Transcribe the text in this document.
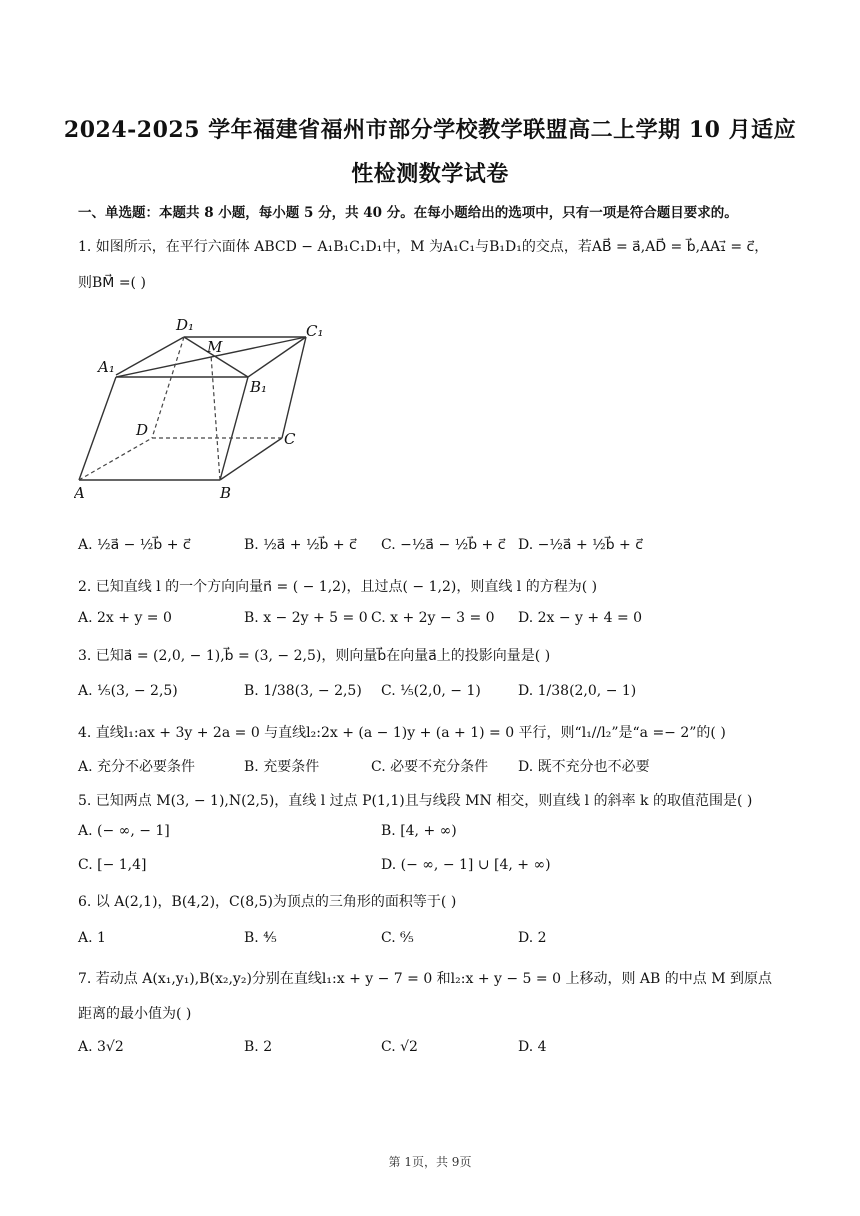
2024-2025 学年福建省福州市部分学校教学联盟高二上学期 10 月适应
性检测数学试卷
一、单选题：本题共 8 小题，每小题 5 分，共 40 分。在每小题给出的选项中，只有一项是符合题目要求的。
1. 如图所示，在平行六面体 ABCD − A₁B₁C₁D₁中，M 为A₁C₁与B₁D₁的交点，若AB⃗ = a⃗,AD⃗ = b⃗,AA₁⃗ = c⃗，
则BM⃗ =( )
A	B
C
D
A₁
B₁
C₁
D₁
M
A. ½a⃗ − ½b⃗ + c⃗	B. ½a⃗ + ½b⃗ + c⃗ C. −½a⃗ − ½b⃗ + c⃗ D. −½a⃗ + ½b⃗ + c⃗
2. 已知直线 l 的一个方向向量n⃗ = ( − 1,2)，且过点( − 1,2)，则直线 l 的方程为( )
A. 2x + y = 0	B. x − 2y + 5 = 0 C. x + 2y − 3 = 0 D. 2x − y + 4 = 0
3. 已知a⃗ = (2,0, − 1),b⃗ = (3, − 2,5)，则向量b⃗在向量a⃗上的投影向量是( )
A. ⅕(3, − 2,5)	B. 1/38(3, − 2,5) C. ⅕(2,0, − 1)	D. 1/38(2,0, − 1)
4. 直线l₁:ax + 3y + 2a = 0 与直线l₂:2x + (a − 1)y + (a + 1) = 0 平行，则“l₁//l₂”是“a =− 2”的( )
A. 充分不必要条件	B. 充要条件	C. 必要不充分条件 D. 既不充分也不必要
5. 已知两点 M(3, − 1),N(2,5)，直线 l 过点 P(1,1)且与线段 MN 相交，则直线 l 的斜率 k 的取值范围是( )
A. (− ∞, − 1]	B. [4, + ∞)
C. [− 1,4]	D. (− ∞, − 1] ∪ [4, + ∞)
6. 以 A(2,1)，B(4,2)，C(8,5)为顶点的三角形的面积等于( )
A. 1	B. ⁴⁄₅	C. ⁶⁄₅	D. 2
7. 若动点 A(x₁,y₁),B(x₂,y₂)分别在直线l₁:x + y − 7 = 0 和l₂:x + y − 5 = 0 上移动，则 AB 的中点 M 到原点
距离的最小值为( )
A. 3√2	B. 2	C. √2	D. 4
第 1页，共 9页
